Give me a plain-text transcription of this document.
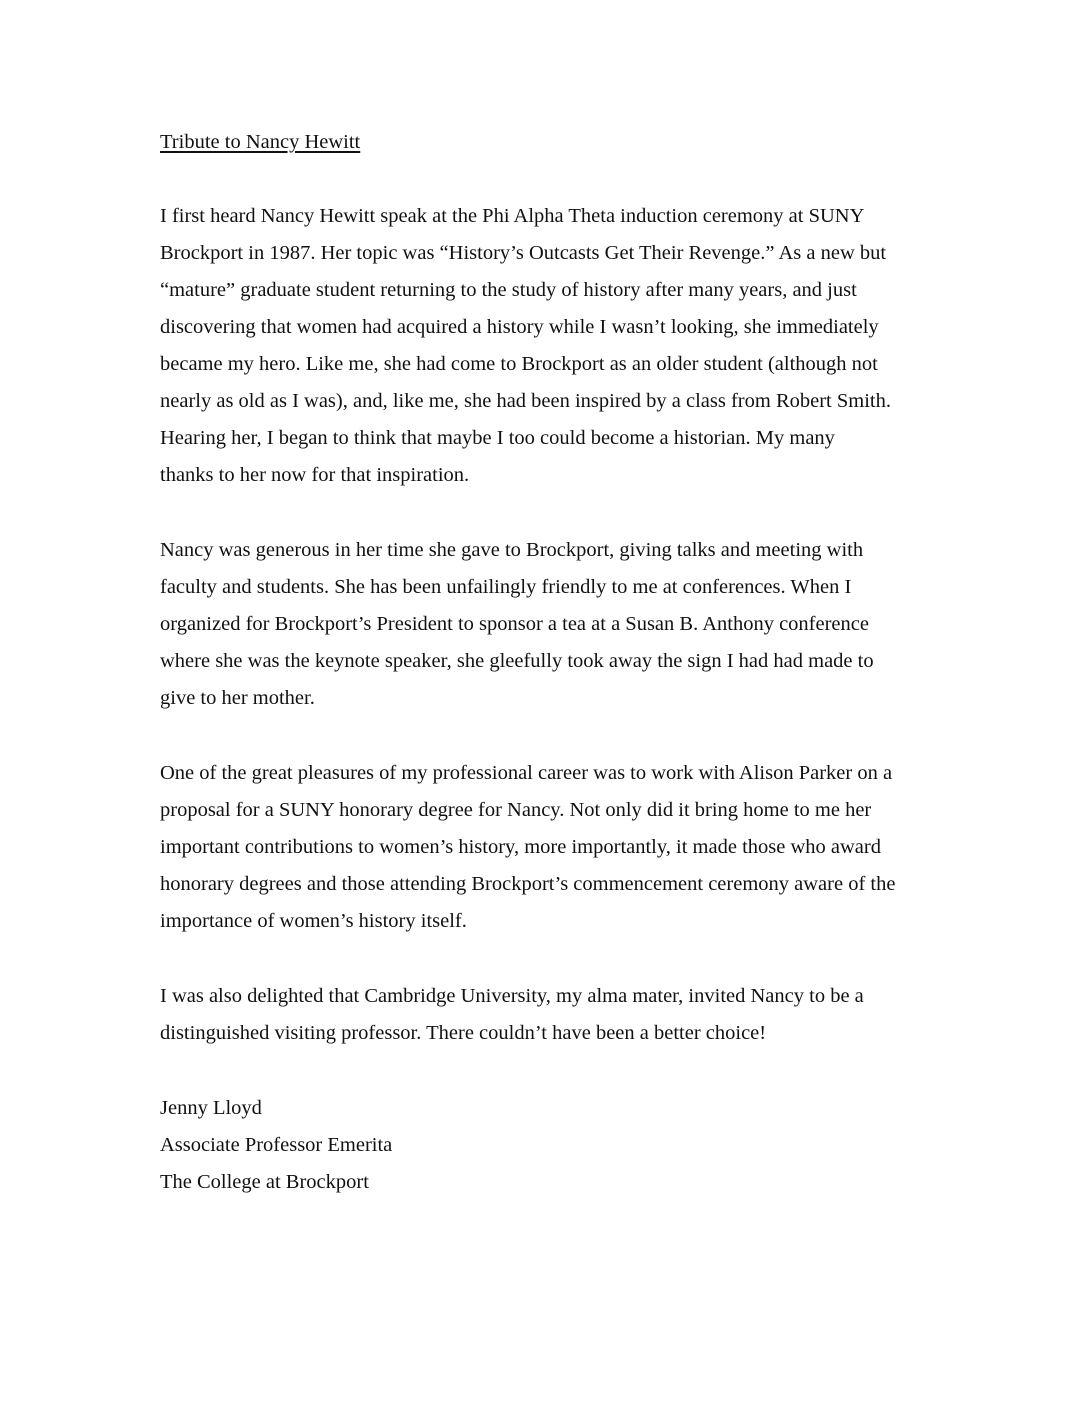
Tribute to Nancy Hewitt
I first heard Nancy Hewitt speak at the Phi Alpha Theta induction ceremony at SUNY
Brockport in 1987. Her topic was “History’s Outcasts Get Their Revenge.” As a new but
“mature” graduate student returning to the study of history after many years, and just
discovering that women had acquired a history while I wasn’t looking, she immediately
became my hero. Like me, she had come to Brockport as an older student (although not
nearly as old as I was), and, like me, she had been inspired by a class from Robert Smith.
Hearing her, I began to think that maybe I too could become a historian. My many
thanks to her now for that inspiration.
Nancy was generous in her time she gave to Brockport, giving talks and meeting with
faculty and students. She has been unfailingly friendly to me at conferences. When I
organized for Brockport’s President to sponsor a tea at a Susan B. Anthony conference
where she was the keynote speaker, she gleefully took away the sign I had had made to
give to her mother.
One of the great pleasures of my professional career was to work with Alison Parker on a
proposal for a SUNY honorary degree for Nancy. Not only did it bring home to me her
important contributions to women’s history, more importantly, it made those who award
honorary degrees and those attending Brockport’s commencement ceremony aware of the
importance of women’s history itself.
I was also delighted that Cambridge University, my alma mater, invited Nancy to be a
distinguished visiting professor. There couldn’t have been a better choice!
Jenny Lloyd
Associate Professor Emerita
The College at Brockport
